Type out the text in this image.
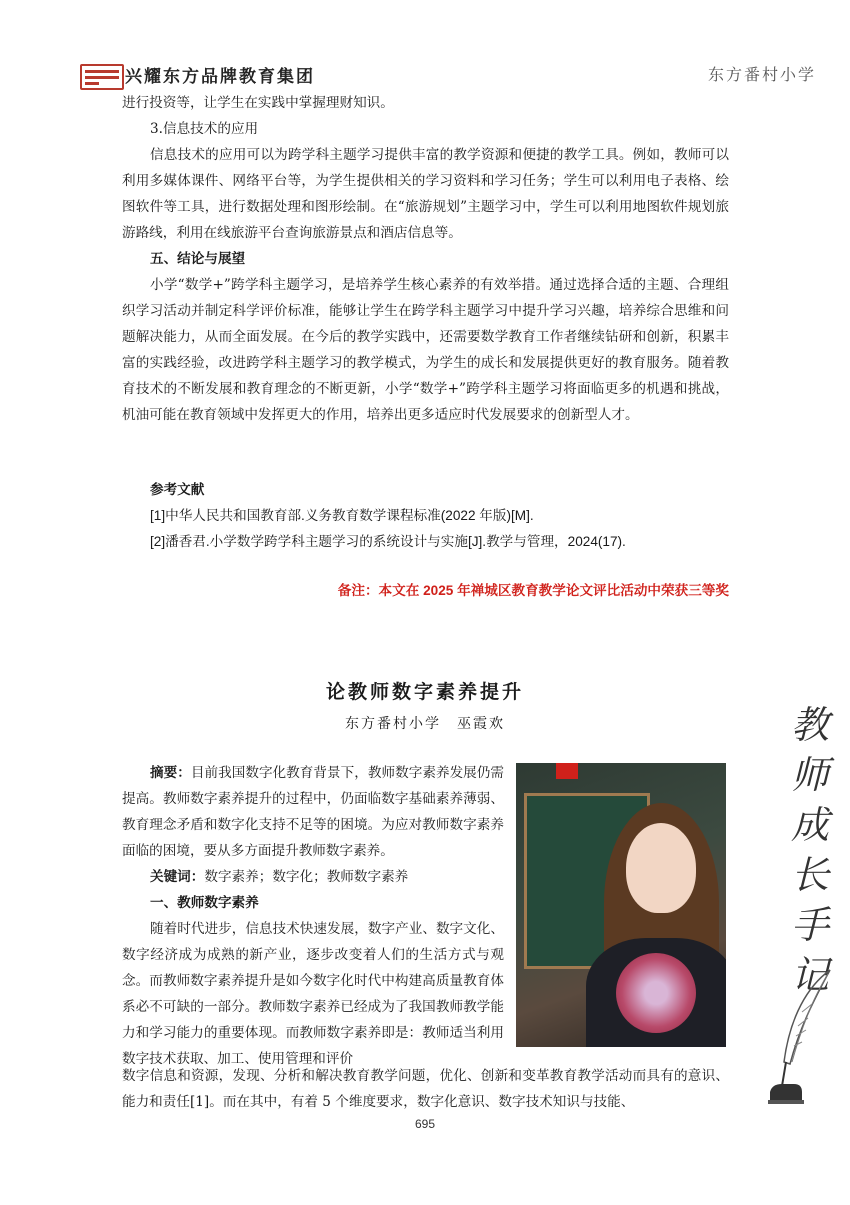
兴耀东方品牌教育集团	东方番村小学

进行投资等，让学生在实践中掌握理财知识。

3.信息技术的应用

信息技术的应用可以为跨学科主题学习提供丰富的教学资源和便捷的教学工具。例如，教师可以利用多媒体课件、网络平台等，为学生提供相关的学习资料和学习任务；学生可以利用电子表格、绘图软件等工具，进行数据处理和图形绘制。在“旅游规划”主题学习中，学生可以利用地图软件规划旅游路线，利用在线旅游平台查询旅游景点和酒店信息等。

五、结论与展望

小学“数学+”跨学科主题学习，是培养学生核心素养的有效举措。通过选择合适的主题、合理组织学习活动并制定科学评价标准，能够让学生在跨学科主题学习中提升学习兴趣，培养综合思维和问题解决能力，从而全面发展。在今后的教学实践中，还需要数学教育工作者继续钻研和创新，积累丰富的实践经验，改进跨学科主题学习的教学模式，为学生的成长和发展提供更好的教育服务。随着教育技术的不断发展和教育理念的不断更新，小学“数学+”跨学科主题学习将面临更多的机遇和挑战，机油可能在教育领域中发挥更大的作用，培养出更多适应时代发展要求的创新型人才。

参考文献
[1]中华人民共和国教育部.义务教育数学课程标准(2022 年版)[M].
[2]潘香君.小学数学跨学科主题学习的系统设计与实施[J].教学与管理，2024(17).
备注：本文在 2025 年禅城区教育教学论文评比活动中荣获三等奖
论教师数字素养提升
东方番村小学　巫霞欢

摘要：目前我国数字化教育背景下，教师数字素养发展仍需提高。教师数字素养提升的过程中，仍面临数字基础素养薄弱、教育理念矛盾和数字化支持不足等的困境。为应对教师数字素养面临的困境，要从多方面提升教师数字素养。

关键词：数字素养；数字化；教师数字素养

一、教师数字素养

随着时代进步，信息技术快速发展，数字产业、数字文化、数字经济成为成熟的新产业，逐步改变着人们的生活方式与观念。而教师数字素养提升是如今数字化时代中构建高质量教育体系必不可缺的一部分。教师数字素养已经成为了我国教师教学能力和学习能力的重要体现。而教师数字素养即是：教师适当利用数字技术获取、加工、使用管理和评价

数字信息和资源，发现、分析和解决教育教学问题，优化、创新和变革教育教学活动而具有的意识、能力和责任[1]。而在其中，有着 5 个维度要求，数字化意识、数字技术知识与技能、

教
师
成
长
手
记
695
